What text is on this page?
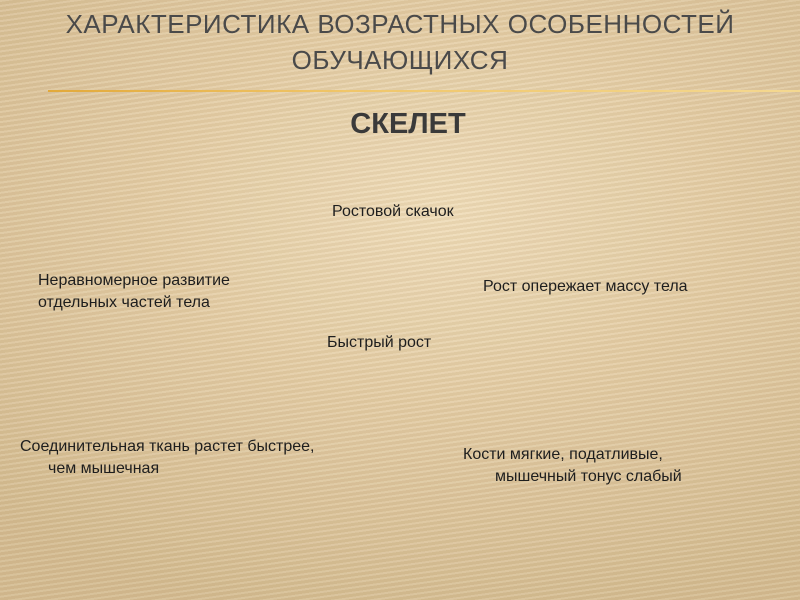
ХАРАКТЕРИСТИКА ВОЗРАСТНЫХ ОСОБЕННОСТЕЙ
ОБУЧАЮЩИХСЯ
СКЕЛЕТ
Ростовой скачок
Неравномерное развитие
отдельных частей тела
Рост опережает массу тела
Быстрый рост
Соединительная ткань растет быстрее,
чем мышечная
Кости мягкие, податливые,
мышечный тонус слабый
